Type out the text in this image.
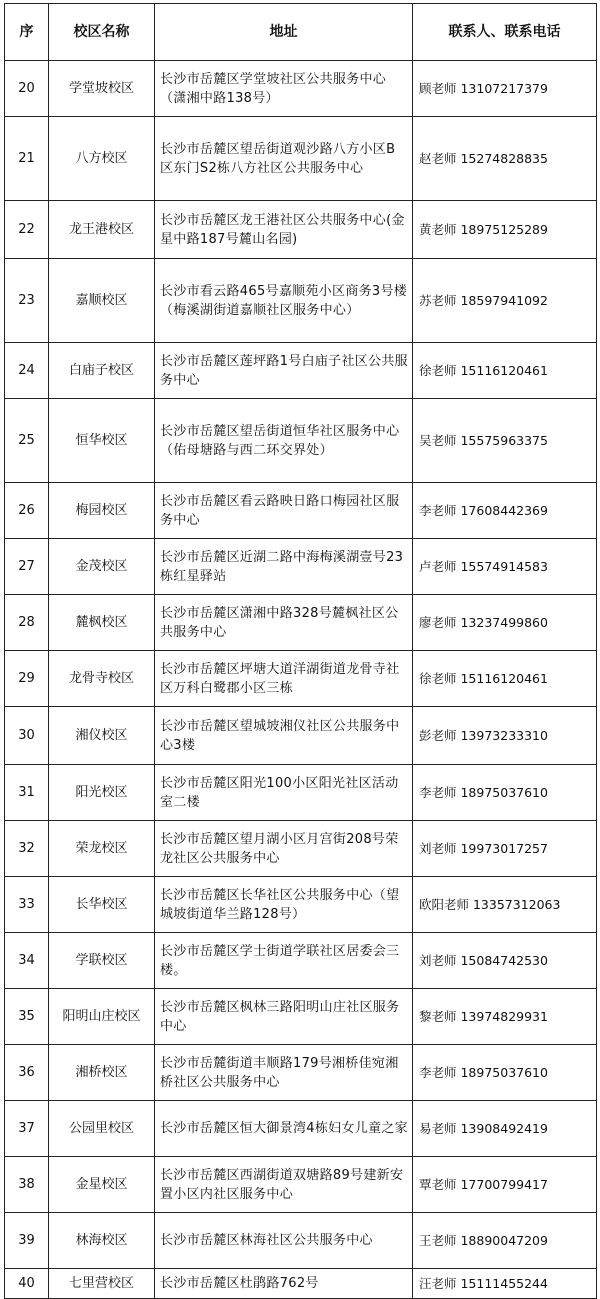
序	校区名称	地址	联系人、联系电话
20	学堂坡校区	长沙市岳麓区学堂坡社区公共服务中心（潇湘中路138号）	顾老师 13107217379
21	八方校区	长沙市岳麓区望岳街道观沙路八方小区B区东门S2栋八方社区公共服务中心	赵老师 15274828835
22	龙王港校区	长沙市岳麓区龙王港社区公共服务中心(金星中路187号麓山名园)	黄老师 18975125289
23	嘉顺校区	长沙市看云路465号嘉顺苑小区商务3号楼（梅溪湖街道嘉顺社区服务中心）	苏老师 18597941092
24	白庙子校区	长沙市岳麓区莲坪路1号白庙子社区公共服务中心	徐老师 15116120461
25	恒华校区	长沙市岳麓区望岳街道恒华社区服务中心（佑母塘路与西二环交界处）	吴老师 15575963375
26	梅园校区	长沙市岳麓区看云路映日路口梅园社区服务中心	李老师 17608442369
27	金茂校区	长沙市岳麓区近湖二路中海梅溪湖壹号23栋红星驿站	卢老师 15574914583
28	麓枫校区	长沙市岳麓区潇湘中路328号麓枫社区公共服务中心	廖老师 13237499860
29	龙骨寺校区	长沙市岳麓区坪塘大道洋湖街道龙骨寺社区万科白鹭郡小区三栋	徐老师 15116120461
30	湘仪校区	长沙市岳麓区望城坡湘仪社区公共服务中心3楼	彭老师 13973233310
31	阳光校区	长沙市岳麓区阳光100小区阳光社区活动室二楼	李老师 18975037610
32	荣龙校区	长沙市岳麓区望月湖小区月宫街208号荣龙社区公共服务中心	刘老师 19973017257
33	长华校区	长沙市岳麓区长华社区公共服务中心（望城坡街道华兰路128号）	欧阳老师 13357312063
34	学联校区	长沙市岳麓区学士街道学联社区居委会三楼。	刘老师 15084742530
35	阳明山庄校区	长沙市岳麓区枫林三路阳明山庄社区服务中心	黎老师 13974829931
36	湘桥校区	长沙市岳麓街道丰顺路179号湘桥佳宛湘桥社区公共服务中心	李老师 18975037610
37	公园里校区	长沙市岳麓区恒大御景湾4栋妇女儿童之家	易老师 13908492419
38	金星校区	长沙市岳麓区西湖街道双塘路89号建新安置小区内社区服务中心	覃老师 17700799417
39	林海校区	长沙市岳麓区林海社区公共服务中心	王老师 18890047209
40	七里营校区	长沙市岳麓区杜鹃路762号	汪老师 15111455244
